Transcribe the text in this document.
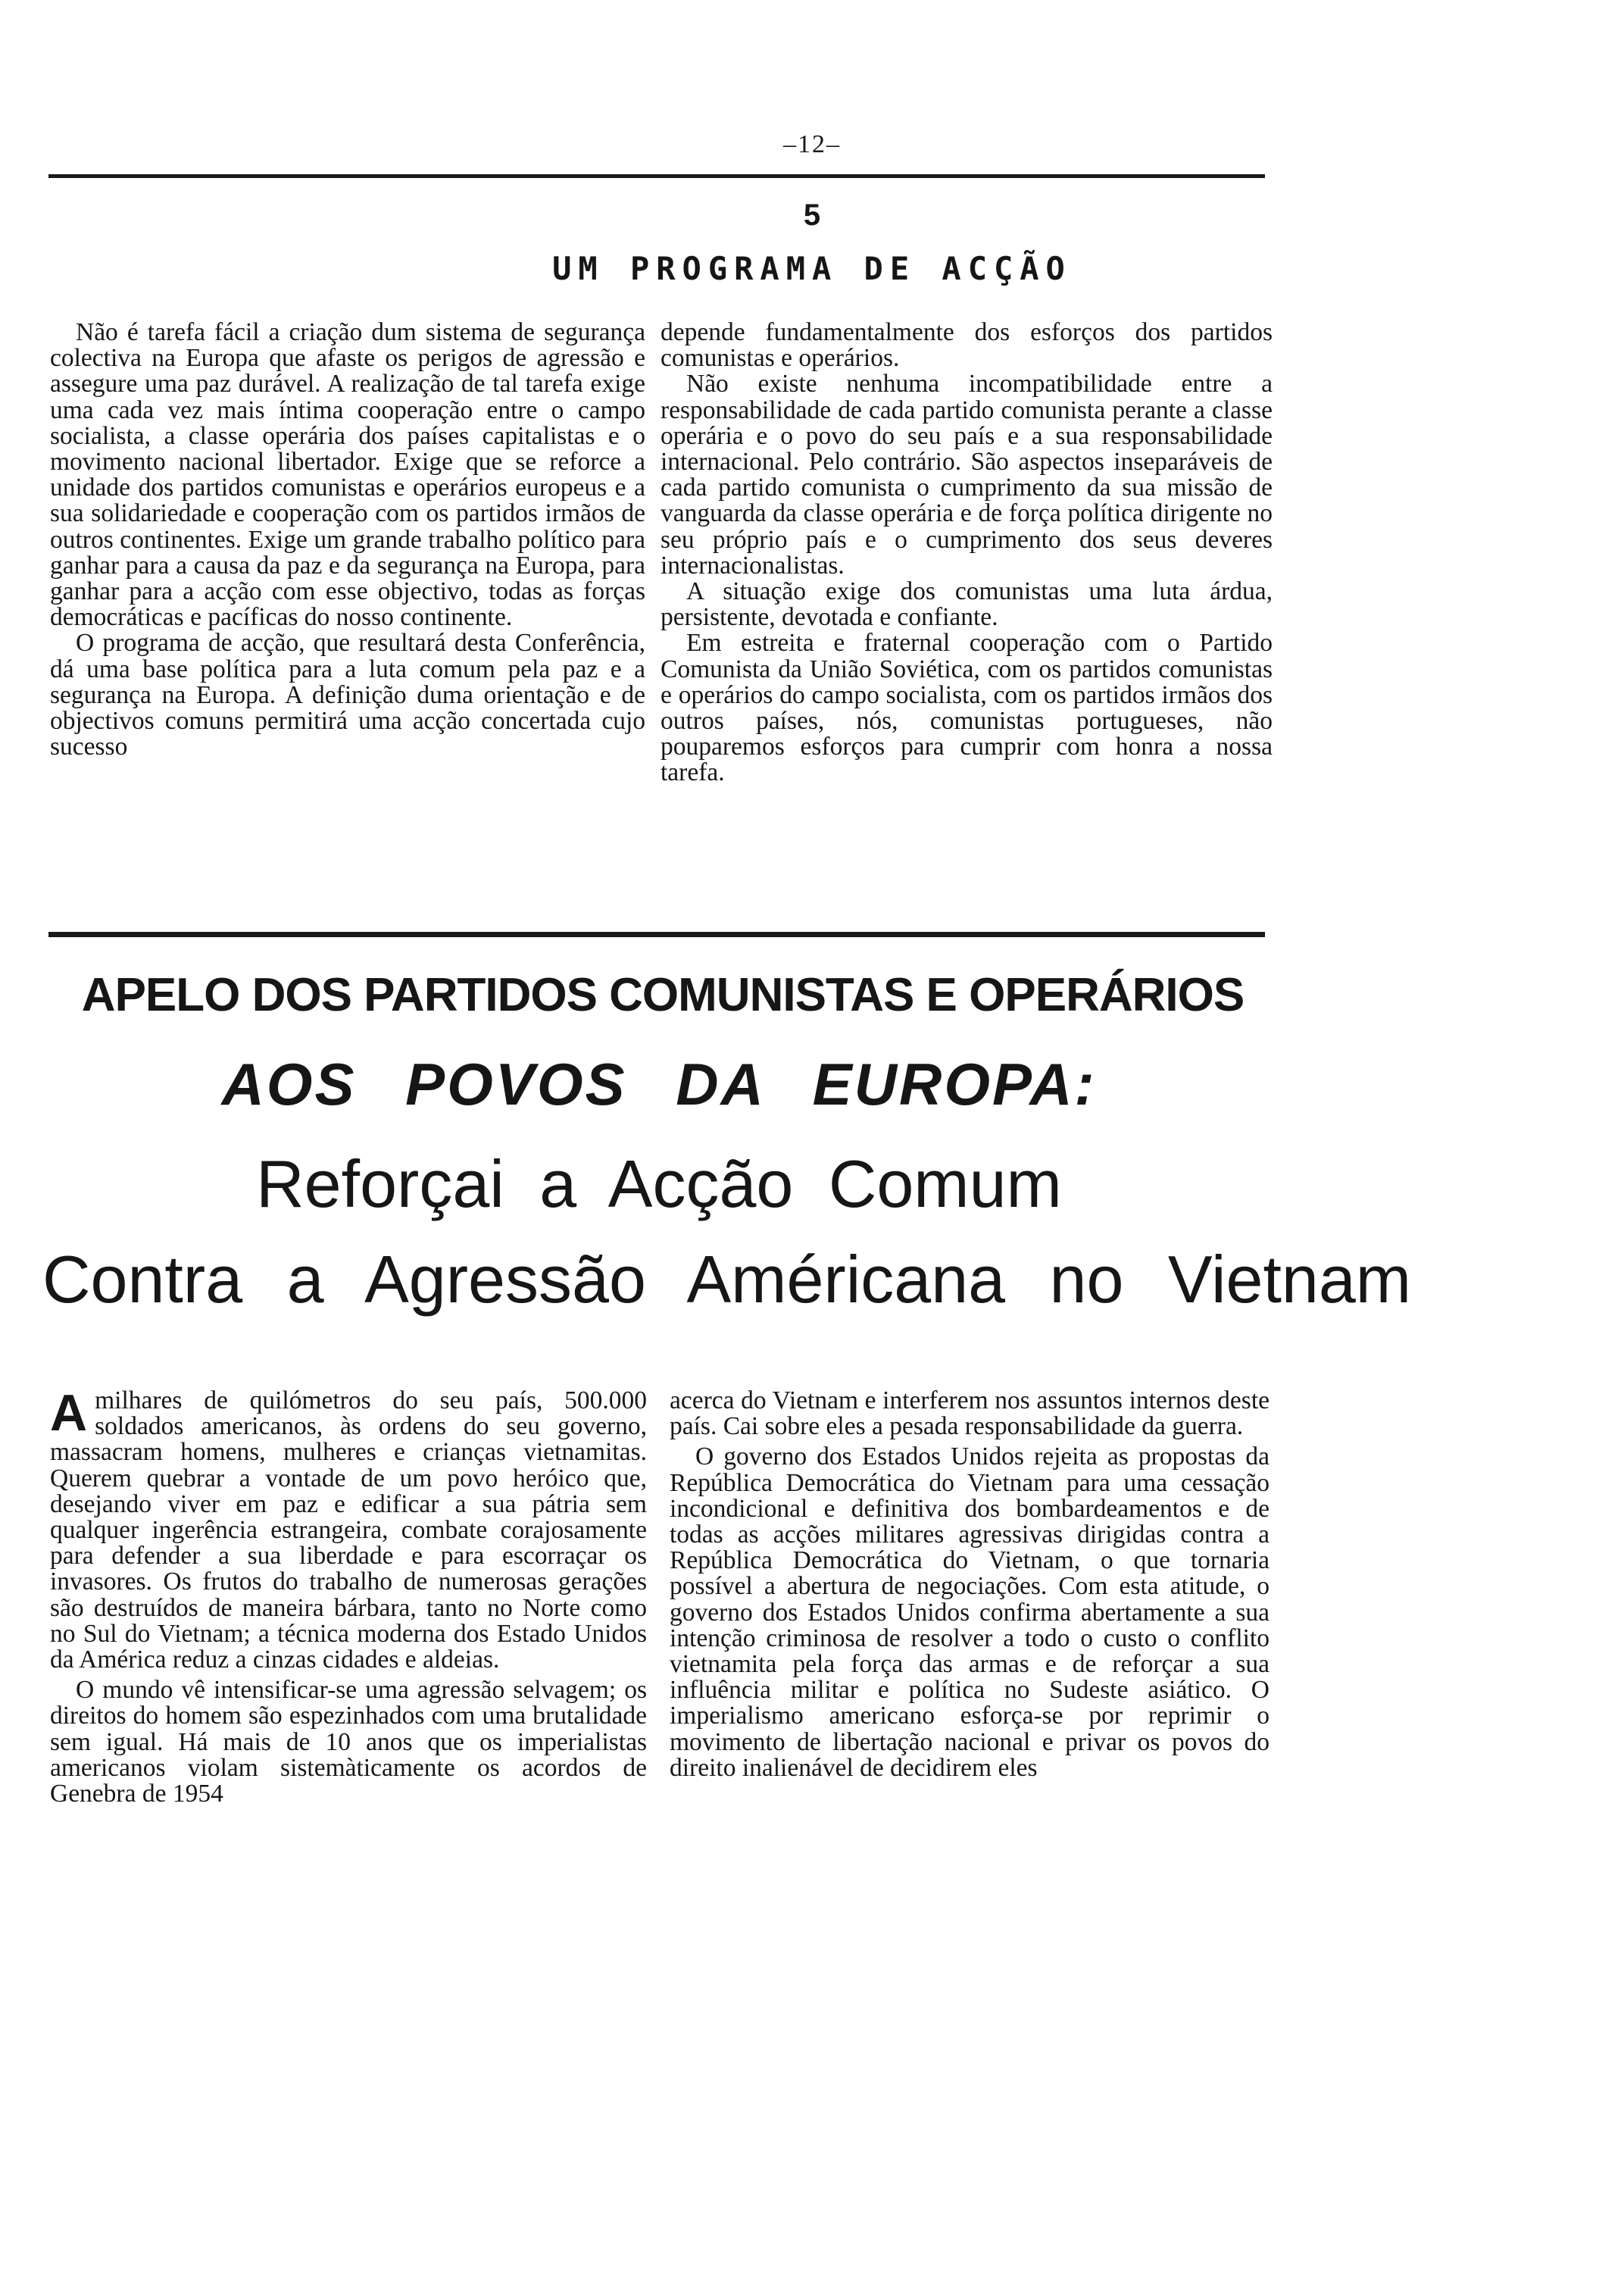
–12–
5
UM PROGRAMA DE ACÇÃO

Não é tarefa fácil a criação dum sistema de segurança colectiva na Europa que afaste os perigos de agressão e assegure uma paz durável. A realização de tal tarefa exige uma cada vez mais íntima cooperação entre o campo socialista, a classe operária dos países capitalistas e o movimento nacional libertador. Exige que se reforce a unidade dos partidos comunistas e operários europeus e a sua solidariedade e cooperação com os partidos irmãos de outros continentes. Exige um grande trabalho político para ganhar para a causa da paz e da segurança na Europa, para ganhar para a acção com esse objectivo, todas as forças democráticas e pacíficas do nosso continente.

O programa de acção, que resultará desta Conferência, dá uma base política para a luta comum pela paz e a segurança na Europa. A definição duma orientação e de objectivos comuns permitirá uma acção concertada cujo sucesso

depende fundamentalmente dos esforços dos partidos comunistas e operários.

Não existe nenhuma incompatibilidade entre a responsabilidade de cada partido comunista perante a classe operária e o povo do seu país e a sua responsabilidade internacional. Pelo contrário. São aspectos inseparáveis de cada partido comunista o cumprimento da sua missão de vanguarda da classe operária e de força política dirigente no seu próprio país e o cumprimento dos seus deveres internacionalistas.

A situação exige dos comunistas uma luta árdua, persistente, devotada e confiante.

Em estreita e fraternal cooperação com o Partido Comunista da União Soviética, com os partidos comunistas e operários do campo socialista, com os partidos irmãos dos outros países, nós, comunistas portugueses, não pouparemos esforços para cumprir com honra a nossa tarefa.

APELO DOS PARTIDOS COMUNISTAS E OPERÁRIOS
AOS POVOS DA EUROPA:
Reforçai a Acção Comum
Contra a Agressão Américana no Vietnam

Amilhares de quilómetros do seu país, 500.000 soldados americanos, às ordens do seu governo, massacram homens, mulheres e crianças vietnamitas. Querem quebrar a vontade de um povo heróico que, desejando viver em paz e edificar a sua pátria sem qualquer ingerência estrangeira, combate corajosamente para defender a sua liberdade e para escorraçar os invasores. Os frutos do trabalho de numerosas gerações são destruídos de maneira bárbara, tanto no Norte como no Sul do Vietnam; a técnica moderna dos Estado Unidos da América reduz a cinzas cidades e aldeias.

O mundo vê intensificar-se uma agressão selvagem; os direitos do homem são espezinhados com uma brutalidade sem igual. Há mais de 10 anos que os imperialistas americanos violam sistemàticamente os acordos de Genebra de 1954

acerca do Vietnam e interferem nos assuntos internos deste país. Cai sobre eles a pesada responsabilidade da guerra.

O governo dos Estados Unidos rejeita as propostas da República Democrática do Vietnam para uma cessação incondicional e definitiva dos bombardeamentos e de todas as acções militares agressivas dirigidas contra a República Democrática do Vietnam, o que tornaria possível a abertura de negociações. Com esta atitude, o governo dos Estados Unidos confirma abertamente a sua intenção criminosa de resolver a todo o custo o conflito vietnamita pela força das armas e de reforçar a sua influência militar e política no Sudeste asiático. O imperialismo americano esforça-se por reprimir o movimento de libertação nacional e privar os povos do direito inalienável de decidirem eles
